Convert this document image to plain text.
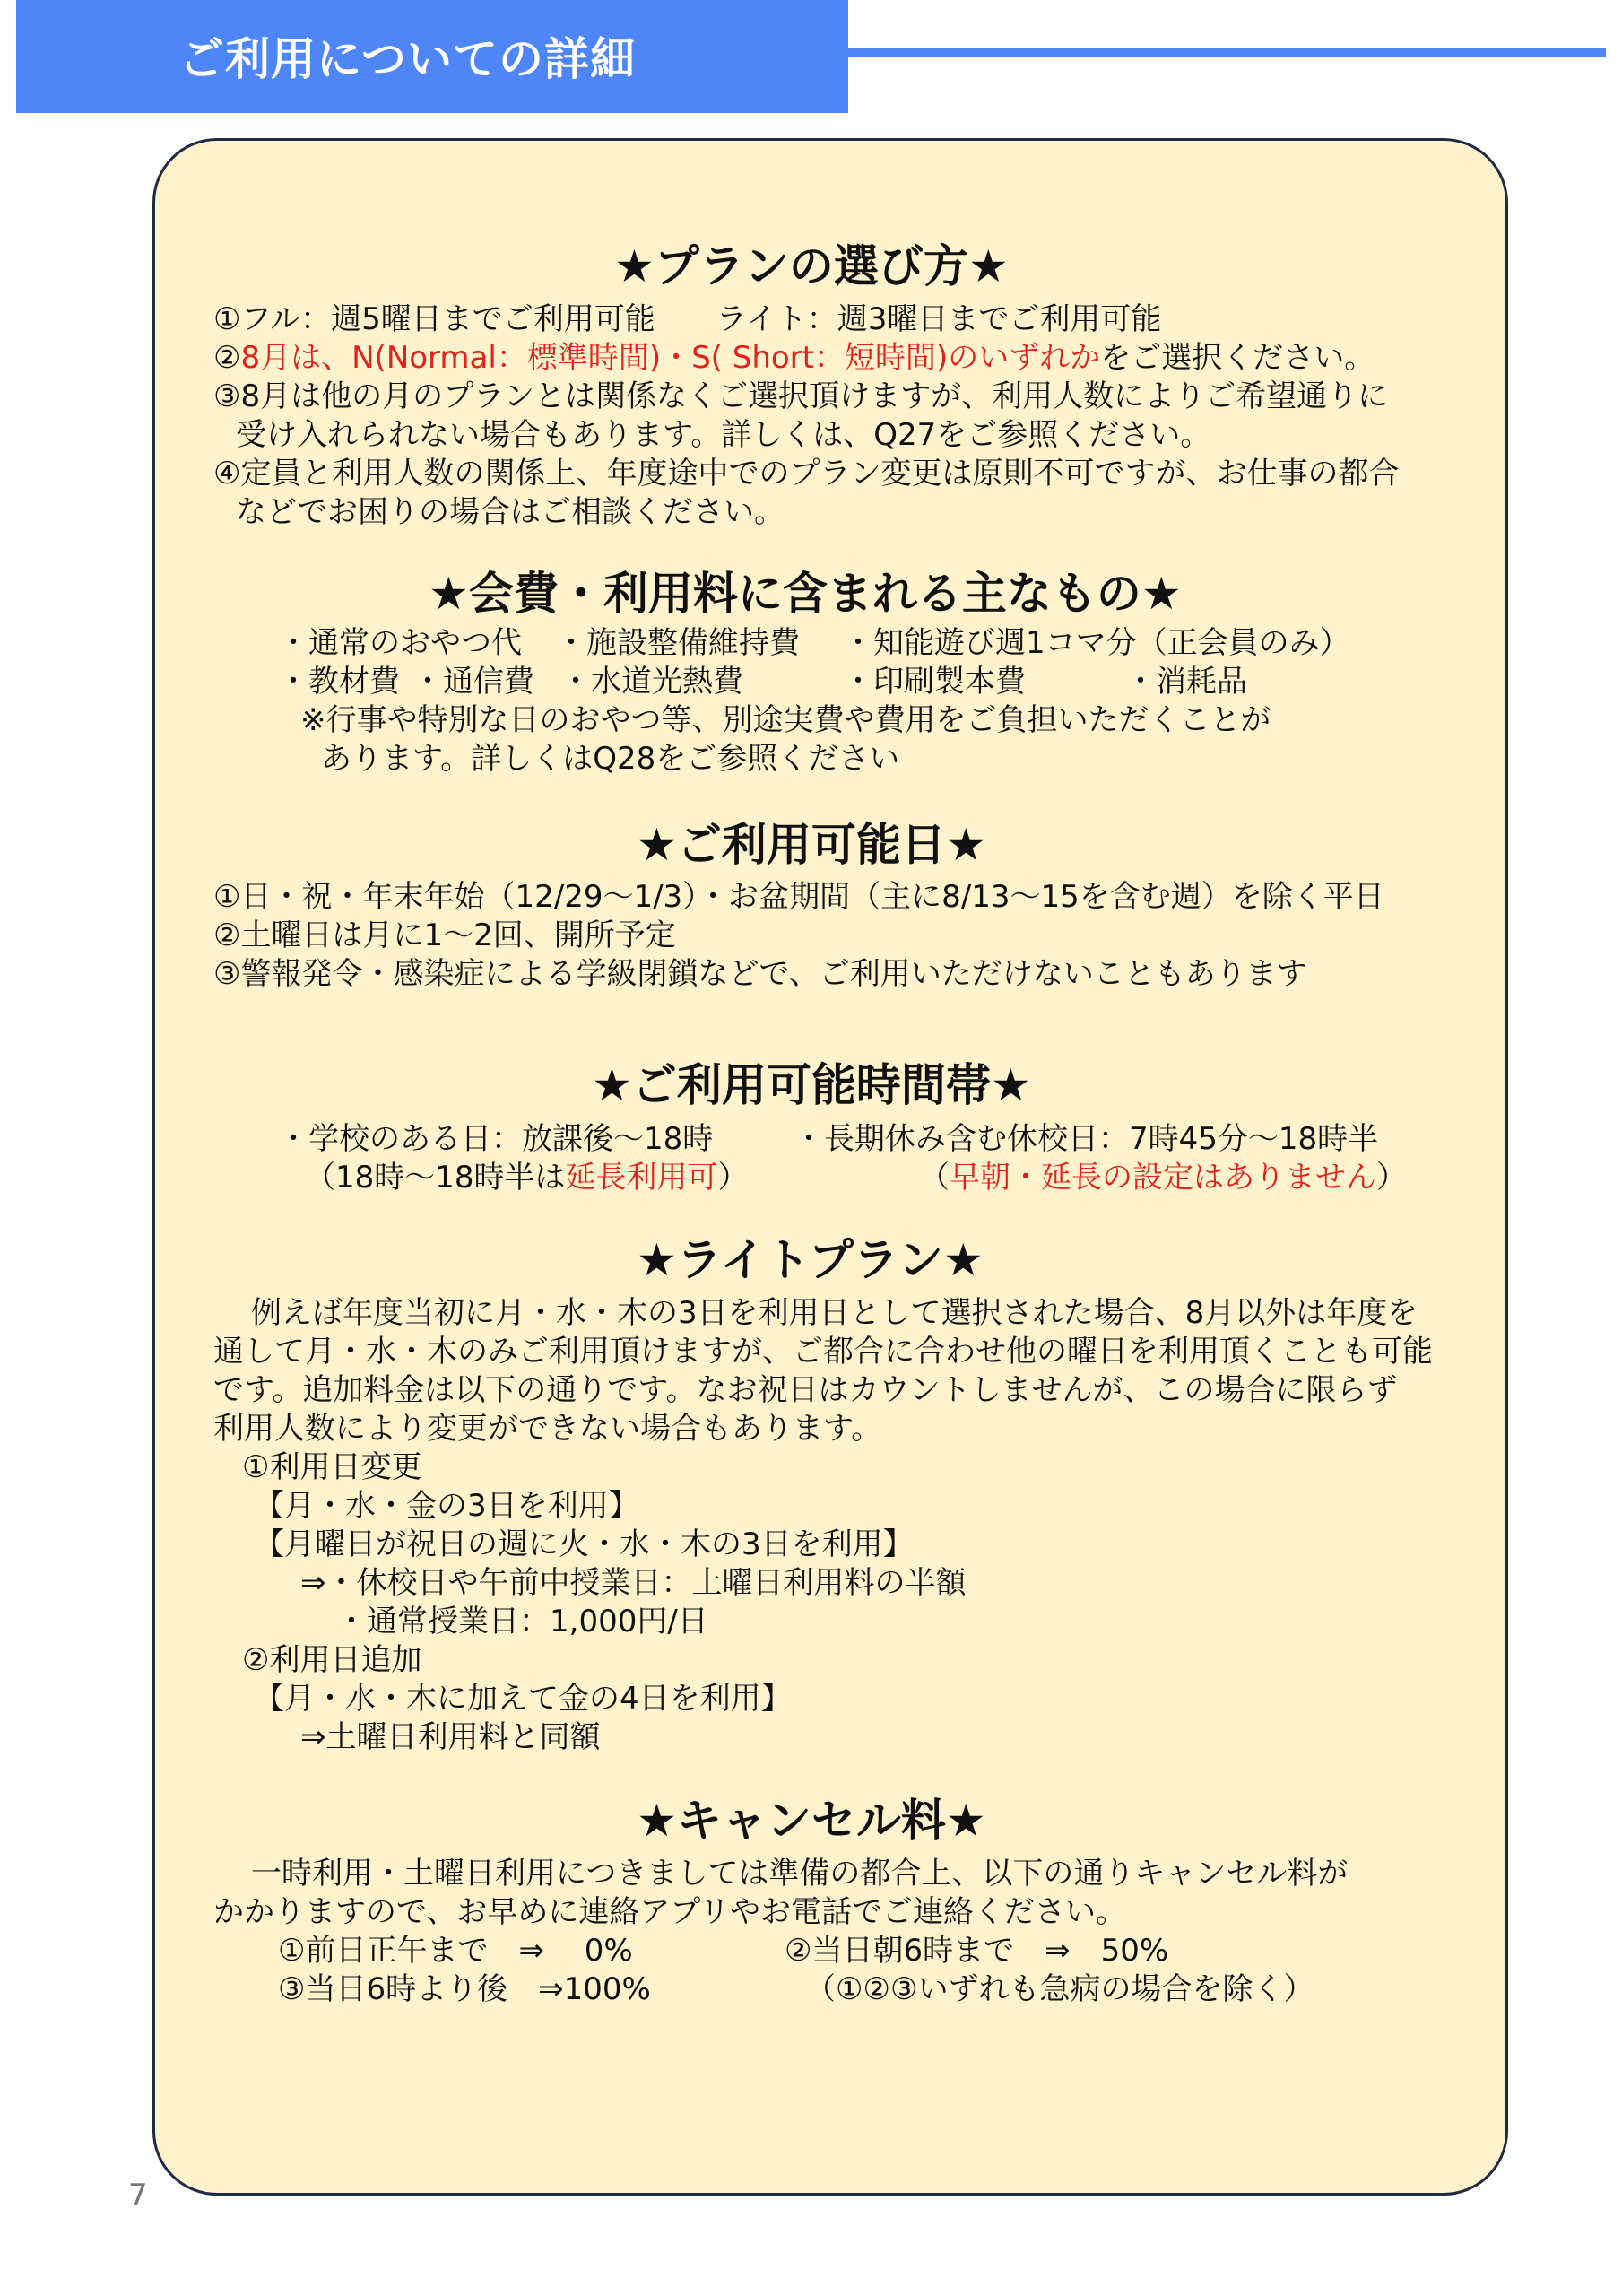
ご利用についての詳細
★プランの選び方★
①フル：週5曜日までご利用可能　　ライト：週3曜日までご利用可能
②8月は、N(Normal：標準時間)・S( Short：短時間)のいずれかをご選択ください。
③8月は他の月のプランとは関係なくご選択頂けますが、利用人数によりご希望通りに
受け入れられない場合もあります。詳しくは、Q27をご参照ください。
④定員と利用人数の関係上、年度途中でのプラン変更は原則不可ですが、お仕事の都合
などでお困りの場合はご相談ください。
★会費・利用料に含まれる主なもの★
・通常のおやつ代 ・施設整備維持費 ・知能遊び週1コマ分（正会員のみ）
・教材費 ・通信費 ・水道光熱費	・印刷製本費	・消耗品
※行事や特別な日のおやつ等、別途実費や費用をご負担いただくことが
あります。詳しくはQ28をご参照ください
★ご利用可能日★
①日・祝・年末年始（12/29～1/3）・お盆期間（主に8/13～15を含む週）を除く平日
②土曜日は月に1～2回、開所予定
③警報発令・感染症による学級閉鎖などで、ご利用いただけないこともあります
★ご利用可能時間帯★
・学校のある日：放課後～18時	・長期休み含む休校日：7時45分～18時半
（18時～18時半は延長利用可）	（早朝・延長の設定はありません）
★ライトプラン★
例えば年度当初に月・水・木の3日を利用日として選択された場合、8月以外は年度を
通して月・水・木のみご利用頂けますが、ご都合に合わせ他の曜日を利用頂くことも可能
です。追加料金は以下の通りです。なお祝日はカウントしませんが、この場合に限らず
利用人数により変更ができない場合もあります。
①利用日変更
【月・水・金の3日を利用】
【月曜日が祝日の週に火・水・木の3日を利用】
⇒・休校日や午前中授業日：土曜日利用料の半額
・通常授業日：1,000円/日
②利用日追加
【月・水・木に加えて金の4日を利用】
⇒土曜日利用料と同額
★キャンセル料★
一時利用・土曜日利用につきましては準備の都合上、以下の通りキャンセル料が
かかりますので、お早めに連絡アプリやお電話でご連絡ください。
①前日正午まで　⇒　 0%	②当日朝6時まで　⇒　50%
③当日6時より後　⇒100%	（①②③いずれも急病の場合を除く）
7
